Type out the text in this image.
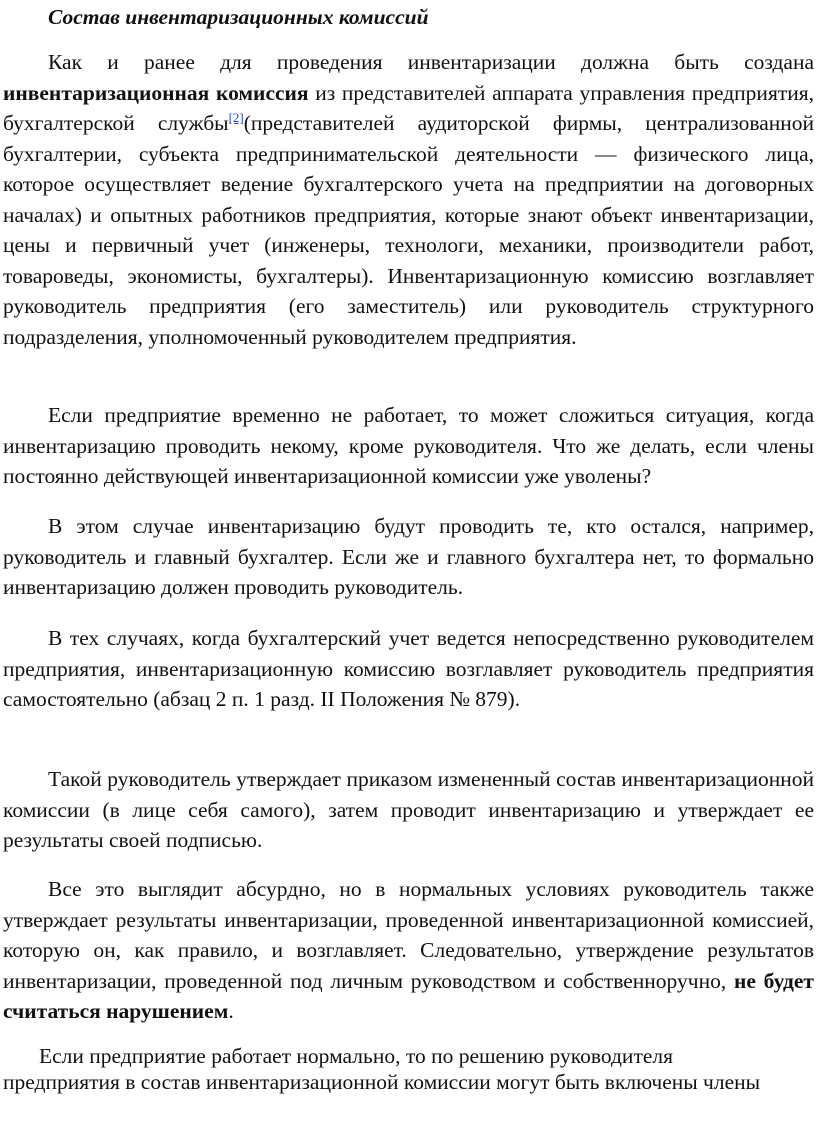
Состав инвентаризационных комиссий

Как и ранее для проведения инвентаризации должна быть создана инвентаризационная комиссия из представителей аппарата управления предприятия, бухгалтерской службы[2](представителей аудиторской фирмы, централизованной бухгалтерии, субъекта предпринимательской деятельности — физического лица, которое осуществляет ведение бухгалтерского учета на предприятии на договорных началах) и опытных работников предприятия, которые знают объект инвентаризации, цены и первичный учет (инженеры, технологи, механики, производители работ, товароведы, экономисты, бухгалтеры). Инвентаризационную комиссию возглавляет руководитель предприятия (его заместитель) или руководитель структурного подразделения, уполномоченный руководителем предприятия.

Если предприятие временно не работает, то может сложиться ситуация, когда инвентаризацию проводить некому, кроме руководителя. Что же делать, если члены постоянно действующей инвентаризационной комиссии уже уволены?

В этом случае инвентаризацию будут проводить те, кто остался, например, руководитель и главный бухгалтер. Если же и главного бухгалтера нет, то формально инвентаризацию должен проводить руководитель.

В тех случаях, когда бухгалтерский учет ведется непосредственно руководителем предприятия, инвентаризационную комиссию возглавляет руководитель предприятия самостоятельно (абзац 2 п. 1 разд. II Положения № 879).

Такой руководитель утверждает приказом измененный состав инвентаризационной комиссии (в лице себя самого), затем проводит инвентаризацию и утверждает ее результаты своей подписью.

Все это выглядит абсурдно, но в нормальных условиях руководитель также утверждает результаты инвентаризации, проведенной инвентаризационной комиссией, которую он, как правило, и возглавляет. Следовательно, утверждение результатов инвентаризации, проведенной под личным руководством и собственноручно, не будет считаться нарушением.

Если предприятие работает нормально, то по решению руководителя предприятия в состав инвентаризационной комиссии могут быть включены члены
